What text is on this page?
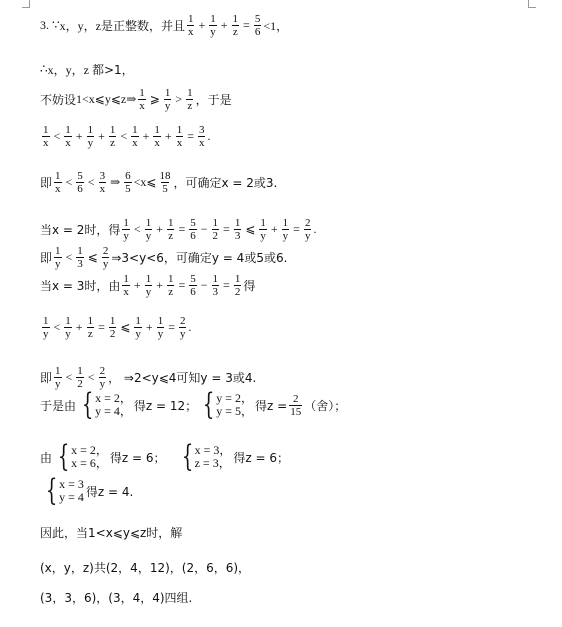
3.
∵ x，y，z 是正整数，并且 $\frac{1}{x} + \frac{1}{y} + \frac{1}{z} = \frac{5}{6} <1$，
∴ x，y，z
都>1，
不妨设 1<x⩽y⩽z⇒ $\frac{1}{x}$ ⩾ $\frac{1}{y} > \frac{1}{z}$ ，于是
$\frac{1}{x} < \frac{1}{x} + \frac{1}{y} + \frac{1}{z} < \frac{1}{x} + \frac{1}{x} + \frac{1}{x} = \frac{3}{x}$ .
即 $\frac{1}{x} < \frac{5}{6} < \frac{3}{x}$ ⇒ $\frac{6}{5}$ <x⩽ $\frac{18}{5}$ ，可确定x = 2或3.
当x = 2时，得 $\frac{1}{y} < \frac{1}{y} + \frac{1}{z} = \frac{5}{6} - \frac{1}{2} = \frac{1}{3}$ ⩽ $\frac{1}{y} + \frac{1}{y} = \frac{2}{y}$ .
即 $\frac{1}{y} < \frac{1}{3}$ ⩽ $\frac{2}{y}$ ⇒3<y<6，可确定y = 4或5或6.
当x = 3时，由 $\frac{1}{x} + \frac{1}{y} + \frac{1}{z} = \frac{5}{6} - \frac{1}{3} = \frac{1}{2}$ 得
$\frac{1}{y} < \frac{1}{y} + \frac{1}{z} = \frac{1}{2}$ ⩽ $\frac{1}{y} + \frac{1}{y} = \frac{2}{y}$ .
即 $\frac{1}{y} < \frac{1}{2} < \frac{2}{y}$ ， ⇒2<y⩽4可知y = 3或4.
于是由 { x = 2，
y = 4， 得z = 12； { y = 2，
y = 5， 得$z = \frac{2}{15}$ （舍）；
由 { x = 2，
x = 6， 得z = 6； { x = 3，
z = 3， 得z = 6；
{ x = 3
y = 4 得z = 4.
因此，当1<x⩽y⩽z时，解
(x，y，z)共(2，4，12)，(2，6，6)，
(3，3，6)，(3，4，4)四组.
